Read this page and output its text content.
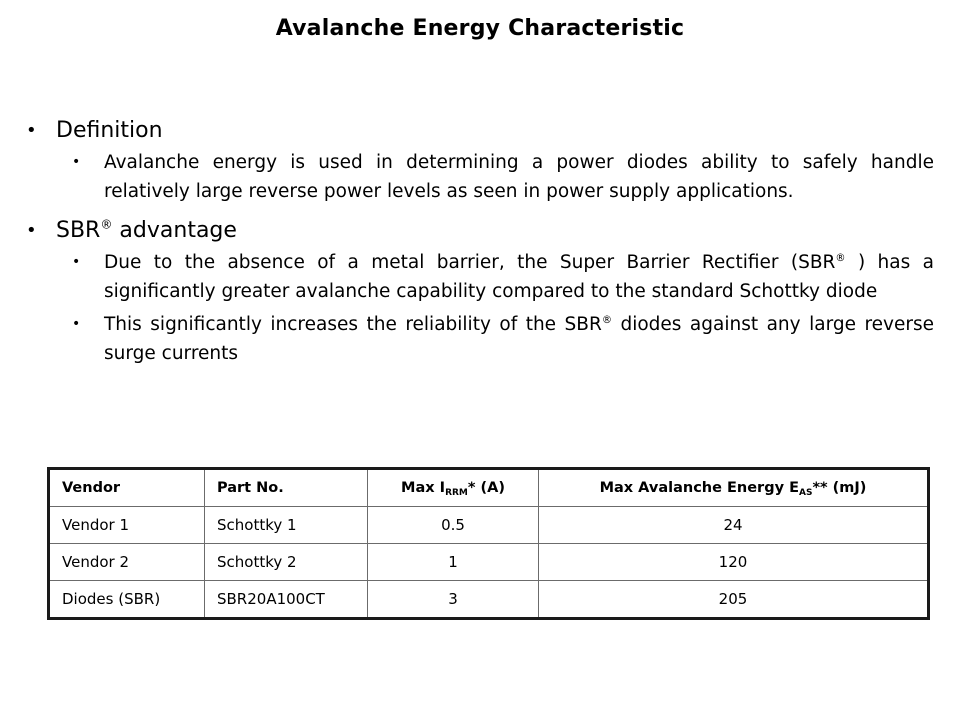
Avalanche Energy Characteristic
• Definition
• Avalanche energy is used in determining a power diodes ability to safely handle relatively large reverse power levels as seen in power supply applications.
• SBR® advantage
• Due to the absence of a metal barrier, the Super Barrier Rectifier (SBR® ) has a significantly greater avalanche capability compared to the standard Schottky diode
• This significantly increases the reliability of the SBR® diodes against any large reverse surge currents
Vendor	Part No.	Max $I_{RRM}*$ (A)	Max Avalanche Energy $E_{AS}**$ (mJ)
Vendor 1	Schottky 1	0.5	24
Vendor 2	Schottky 2	1	120
Diodes (SBR)	SBR20A100CT	3	205
